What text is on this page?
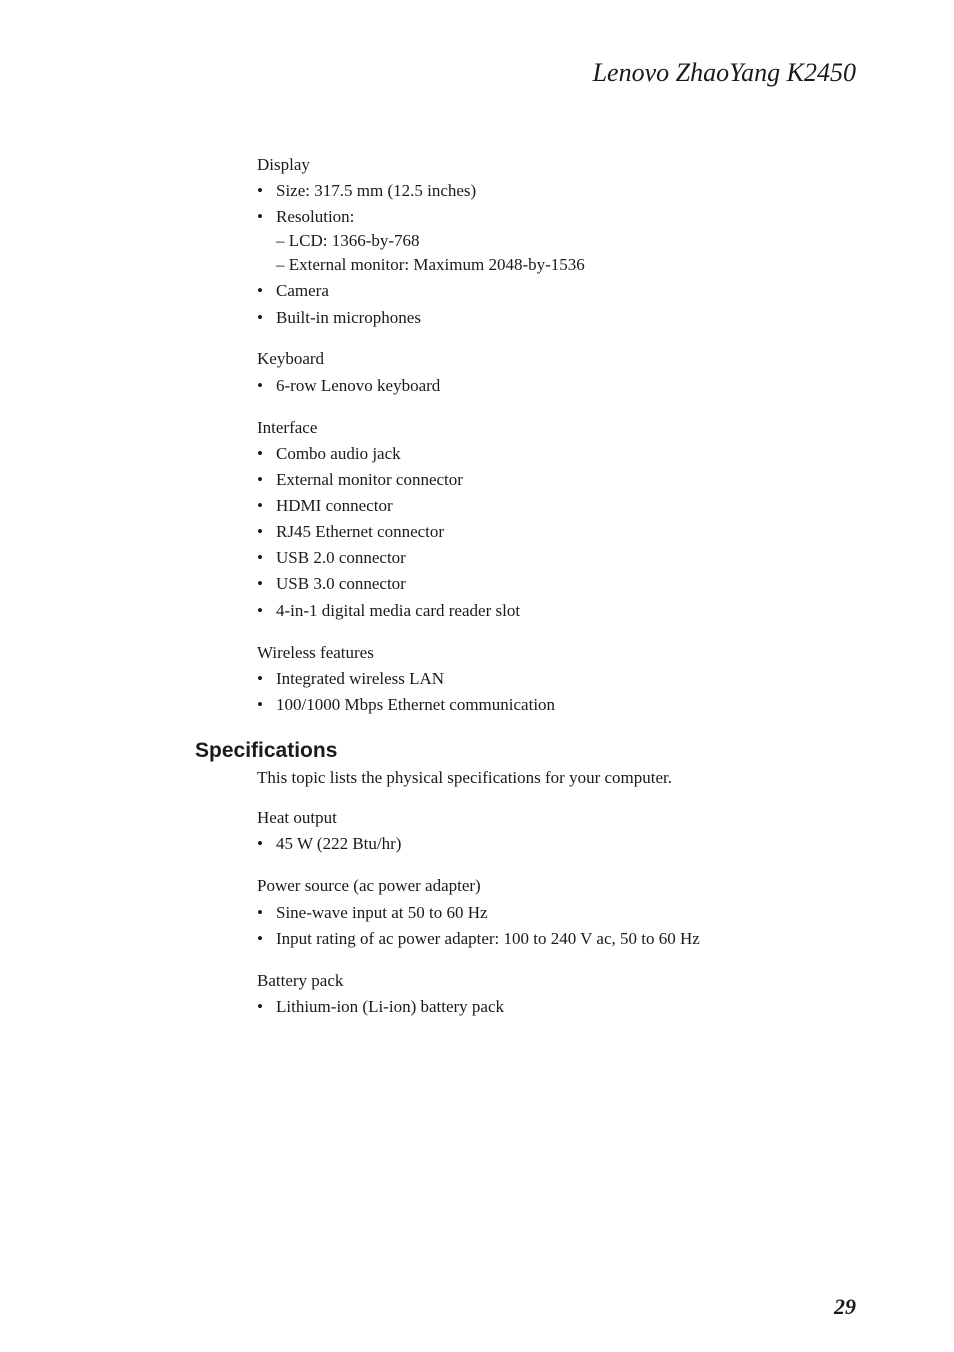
Lenovo ZhaoYang K2450
Display
• Size: 317.5 mm (12.5 inches)
• Resolution:
– LCD: 1366-by-768
– External monitor: Maximum 2048-by-1536
• Camera
• Built-in microphones
Keyboard
• 6-row Lenovo keyboard
Interface
• Combo audio jack
• External monitor connector
• HDMI connector
• RJ45 Ethernet connector
• USB 2.0 connector
• USB 3.0 connector
• 4-in-1 digital media card reader slot
Wireless features
• Integrated wireless LAN
• 100/1000 Mbps Ethernet communication
Specifications
This topic lists the physical specifications for your computer.
Heat output
• 45 W (222 Btu/hr)
Power source (ac power adapter)
• Sine-wave input at 50 to 60 Hz
• Input rating of ac power adapter: 100 to 240 V ac, 50 to 60 Hz
Battery pack
• Lithium-ion (Li-ion) battery pack
29
